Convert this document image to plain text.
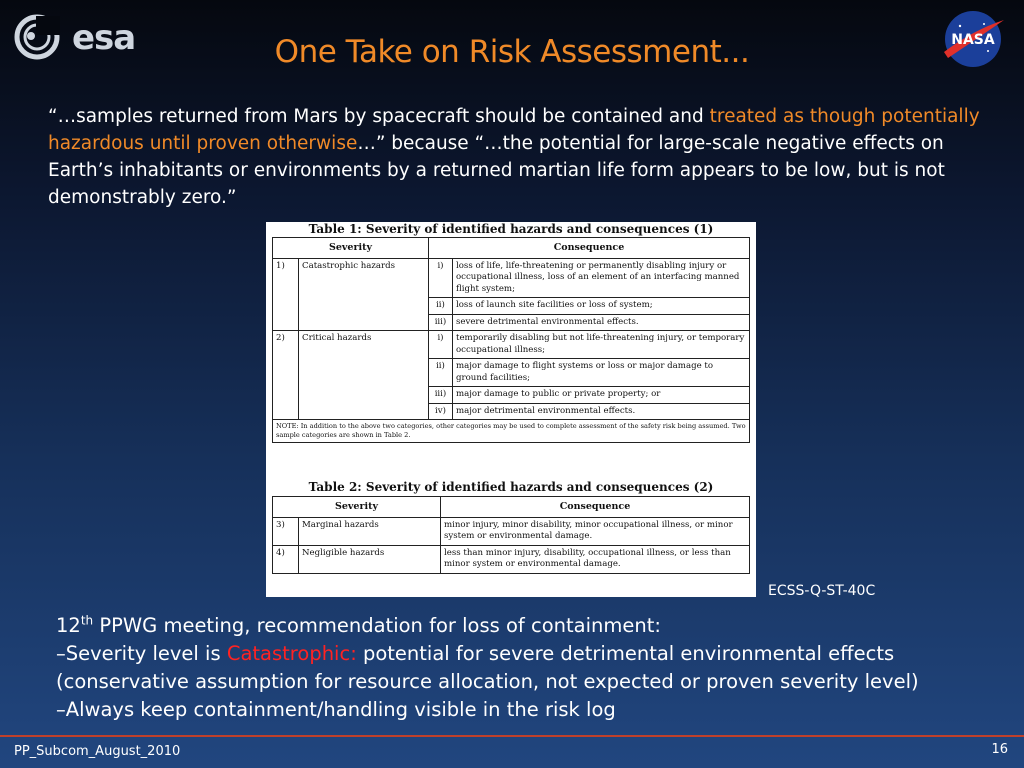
esa	NASA
One Take on Risk Assessment...
“…samples returned from Mars by spacecraft should be contained and treated as though potentially hazardous until proven otherwise…” because “…the potential for large-scale negative effects on Earth’s inhabitants or environments by a returned martian life form appears to be low, but is not demonstrably zero.”
Table 1: Severity of identified hazards and consequences (1)
Severity		Consequence	
1)	Catastrophic hazards	i)	loss of life, life-threatening or permanently disabling injury or occupational illness, loss of an element of an interfacing manned flight system;
		ii)	loss of launch site facilities or loss of system;
		iii)	severe detrimental environmental effects.
2)	Critical hazards	i)	temporarily disabling but not life-threatening injury, or temporary occupational illness;
		ii)	major damage to flight systems or loss or major damage to ground facilities;
		iii)	major damage to public or private property; or
		iv)	major detrimental environmental effects.
NOTE: In addition to the above two categories, other categories may be used to complete assessment of the safety risk being assumed. Two sample categories are shown in Table 2.			
Table 2: Severity of identified hazards and consequences (2)
Severity		Consequence
3)	Marginal hazards	minor injury, minor disability, minor occupational illness, or minor system or environmental damage.
4)	Negligible hazards	less than minor injury, disability, occupational illness, or less than minor system or environmental damage.
ECSS-Q-ST-40C
12th PPWG meeting, recommendation for loss of containment:
–Severity level is Catastrophic: potential for severe detrimental environmental effects
(conservative assumption for resource allocation, not expected or proven severity level)
–Always keep containment/handling visible in the risk log
PP_Subcom_August_2010	16
